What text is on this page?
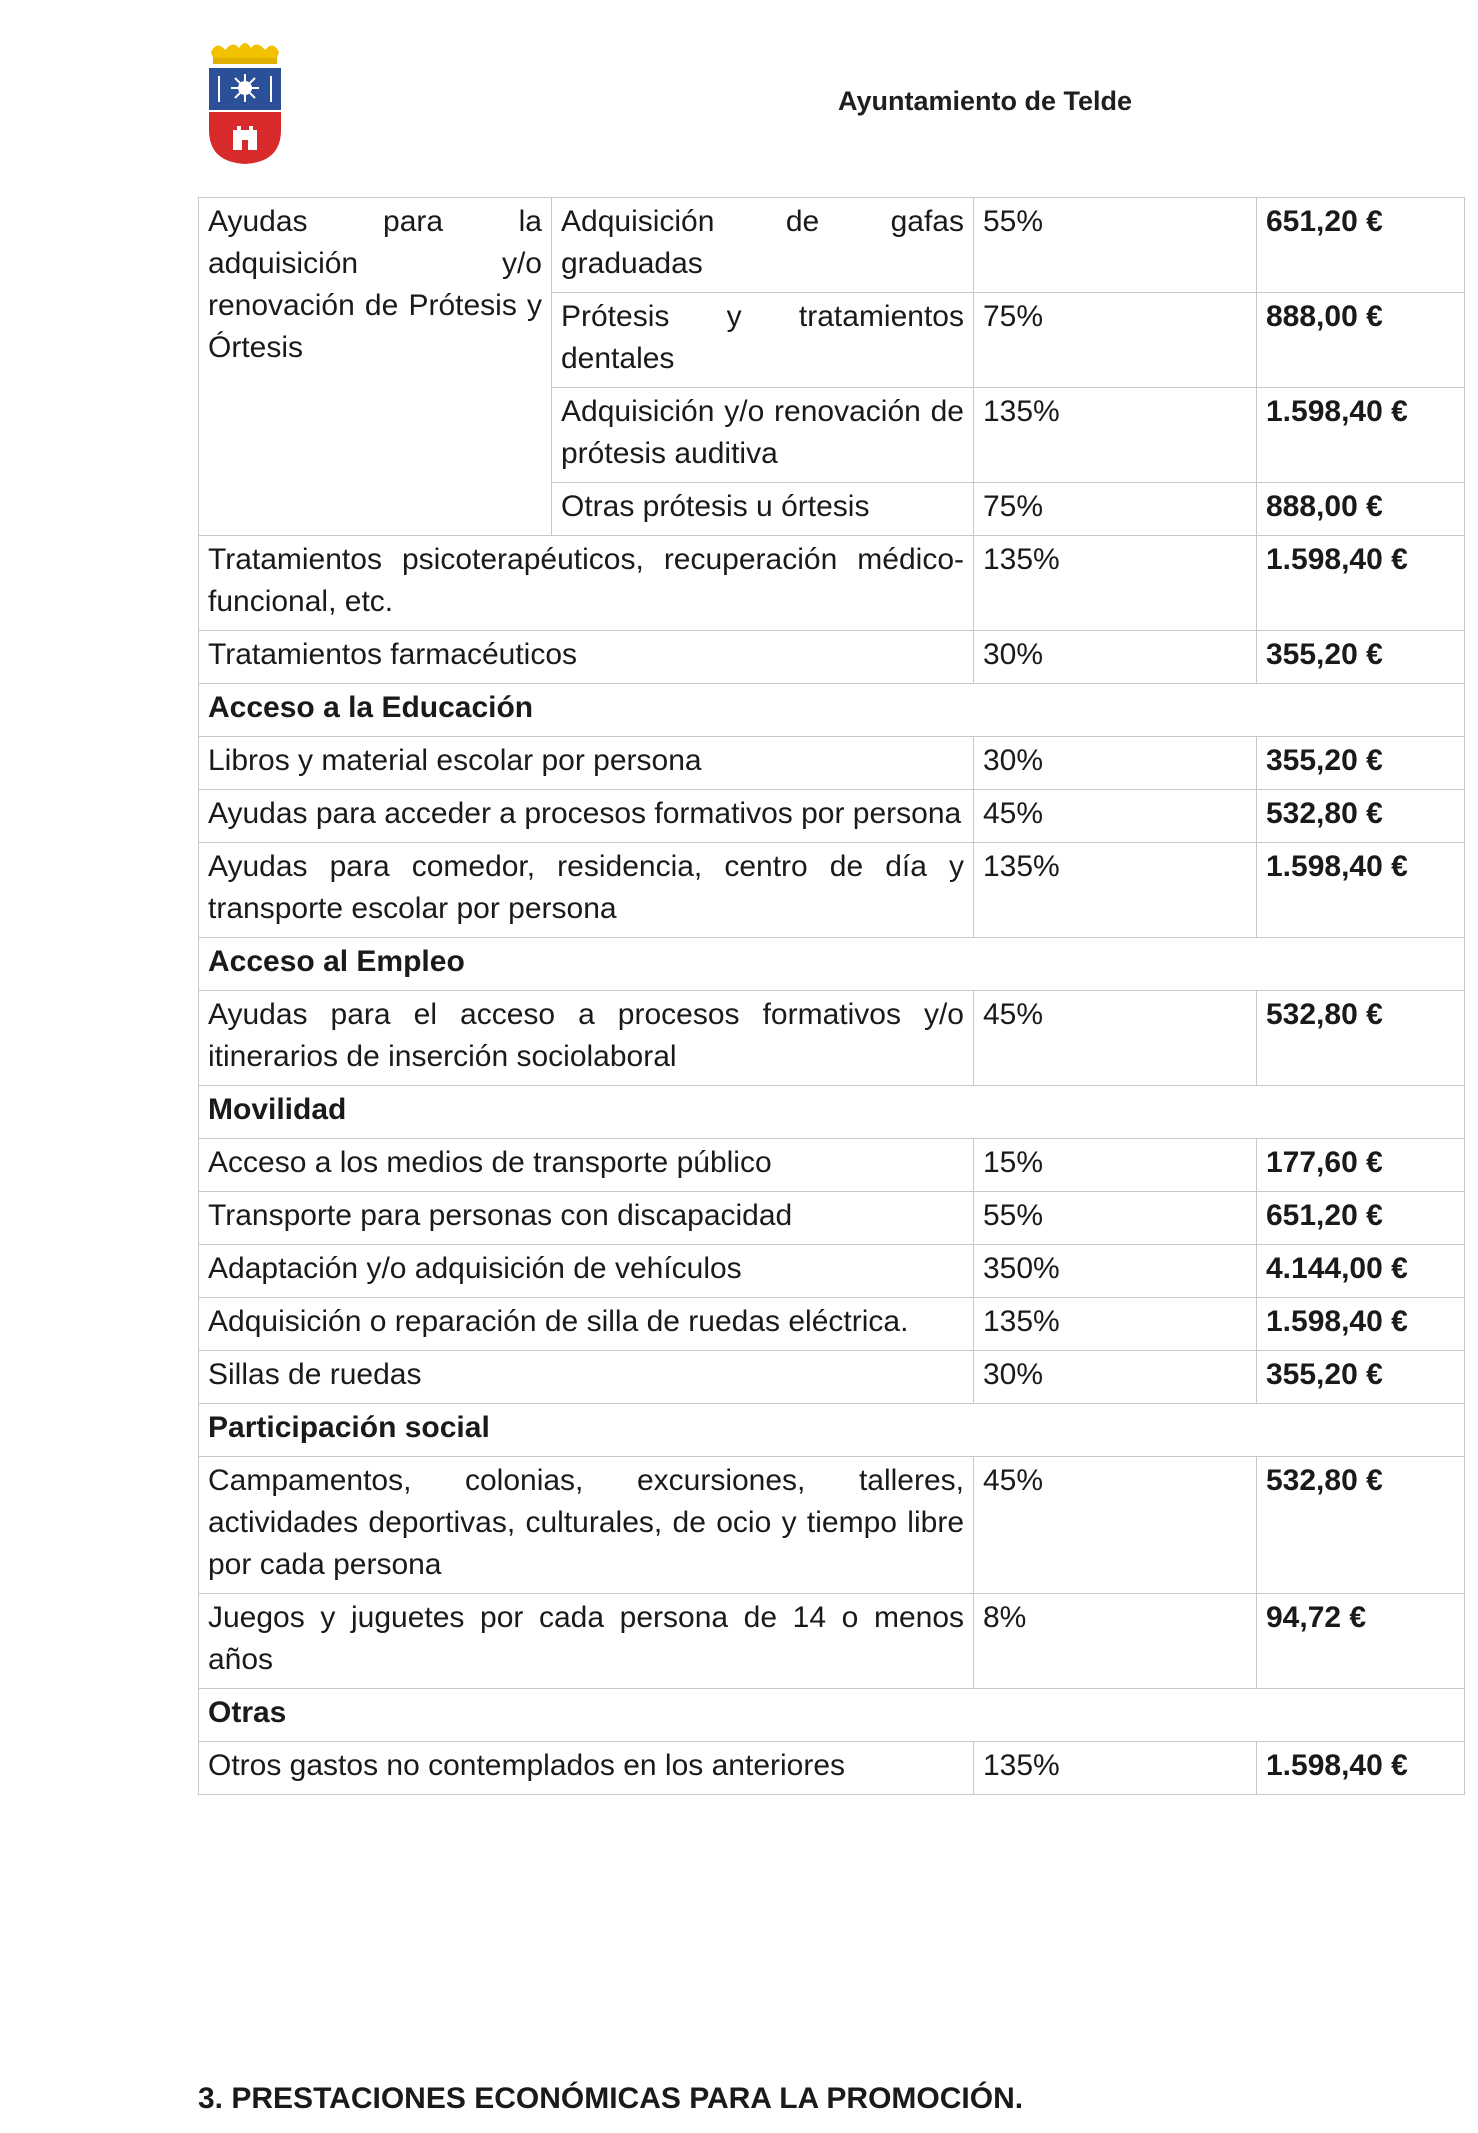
Ayuntamiento de Telde
Ayudas para la adquisición y/o renovación de Prótesis y Órtesis	Adquisición de gafas graduadas	55%	651,20 €
	Prótesis y tratamientos dentales	75%	888,00 €
	Adquisición y/o renovación de prótesis auditiva	135%	1.598,40 €
	Otras prótesis u órtesis	75%	888,00 €
Tratamientos psicoterapéuticos, recuperación médico-funcional, etc.		135%	1.598,40 €
Tratamientos farmacéuticos		30%	355,20 €
Acceso a la Educación			
Libros y material escolar por persona		30%	355,20 €
Ayudas para acceder a procesos formativos por persona		45%	532,80 €
Ayudas para comedor, residencia, centro de día y transporte escolar por persona		135%	1.598,40 €
Acceso al Empleo			
Ayudas para el acceso a procesos formativos y/o itinerarios de inserción sociolaboral		45%	532,80 €
Movilidad			
Acceso a los medios de transporte público		15%	177,60 €
Transporte para personas con discapacidad		55%	651,20 €
Adaptación y/o adquisición de vehículos		350%	4.144,00 €
Adquisición o reparación de silla de ruedas eléctrica.		135%	1.598,40 €
Sillas de ruedas		30%	355,20 €
Participación social			
Campamentos, colonias, excursiones, talleres, actividades deportivas, culturales, de ocio y tiempo libre por cada persona		45%	532,80 €
Juegos y juguetes por cada persona de 14 o menos años		8%	94,72 €
Otras			
Otros gastos no contemplados en los anteriores		135%	1.598,40 €
3. PRESTACIONES ECONÓMICAS PARA LA PROMOCIÓN.
